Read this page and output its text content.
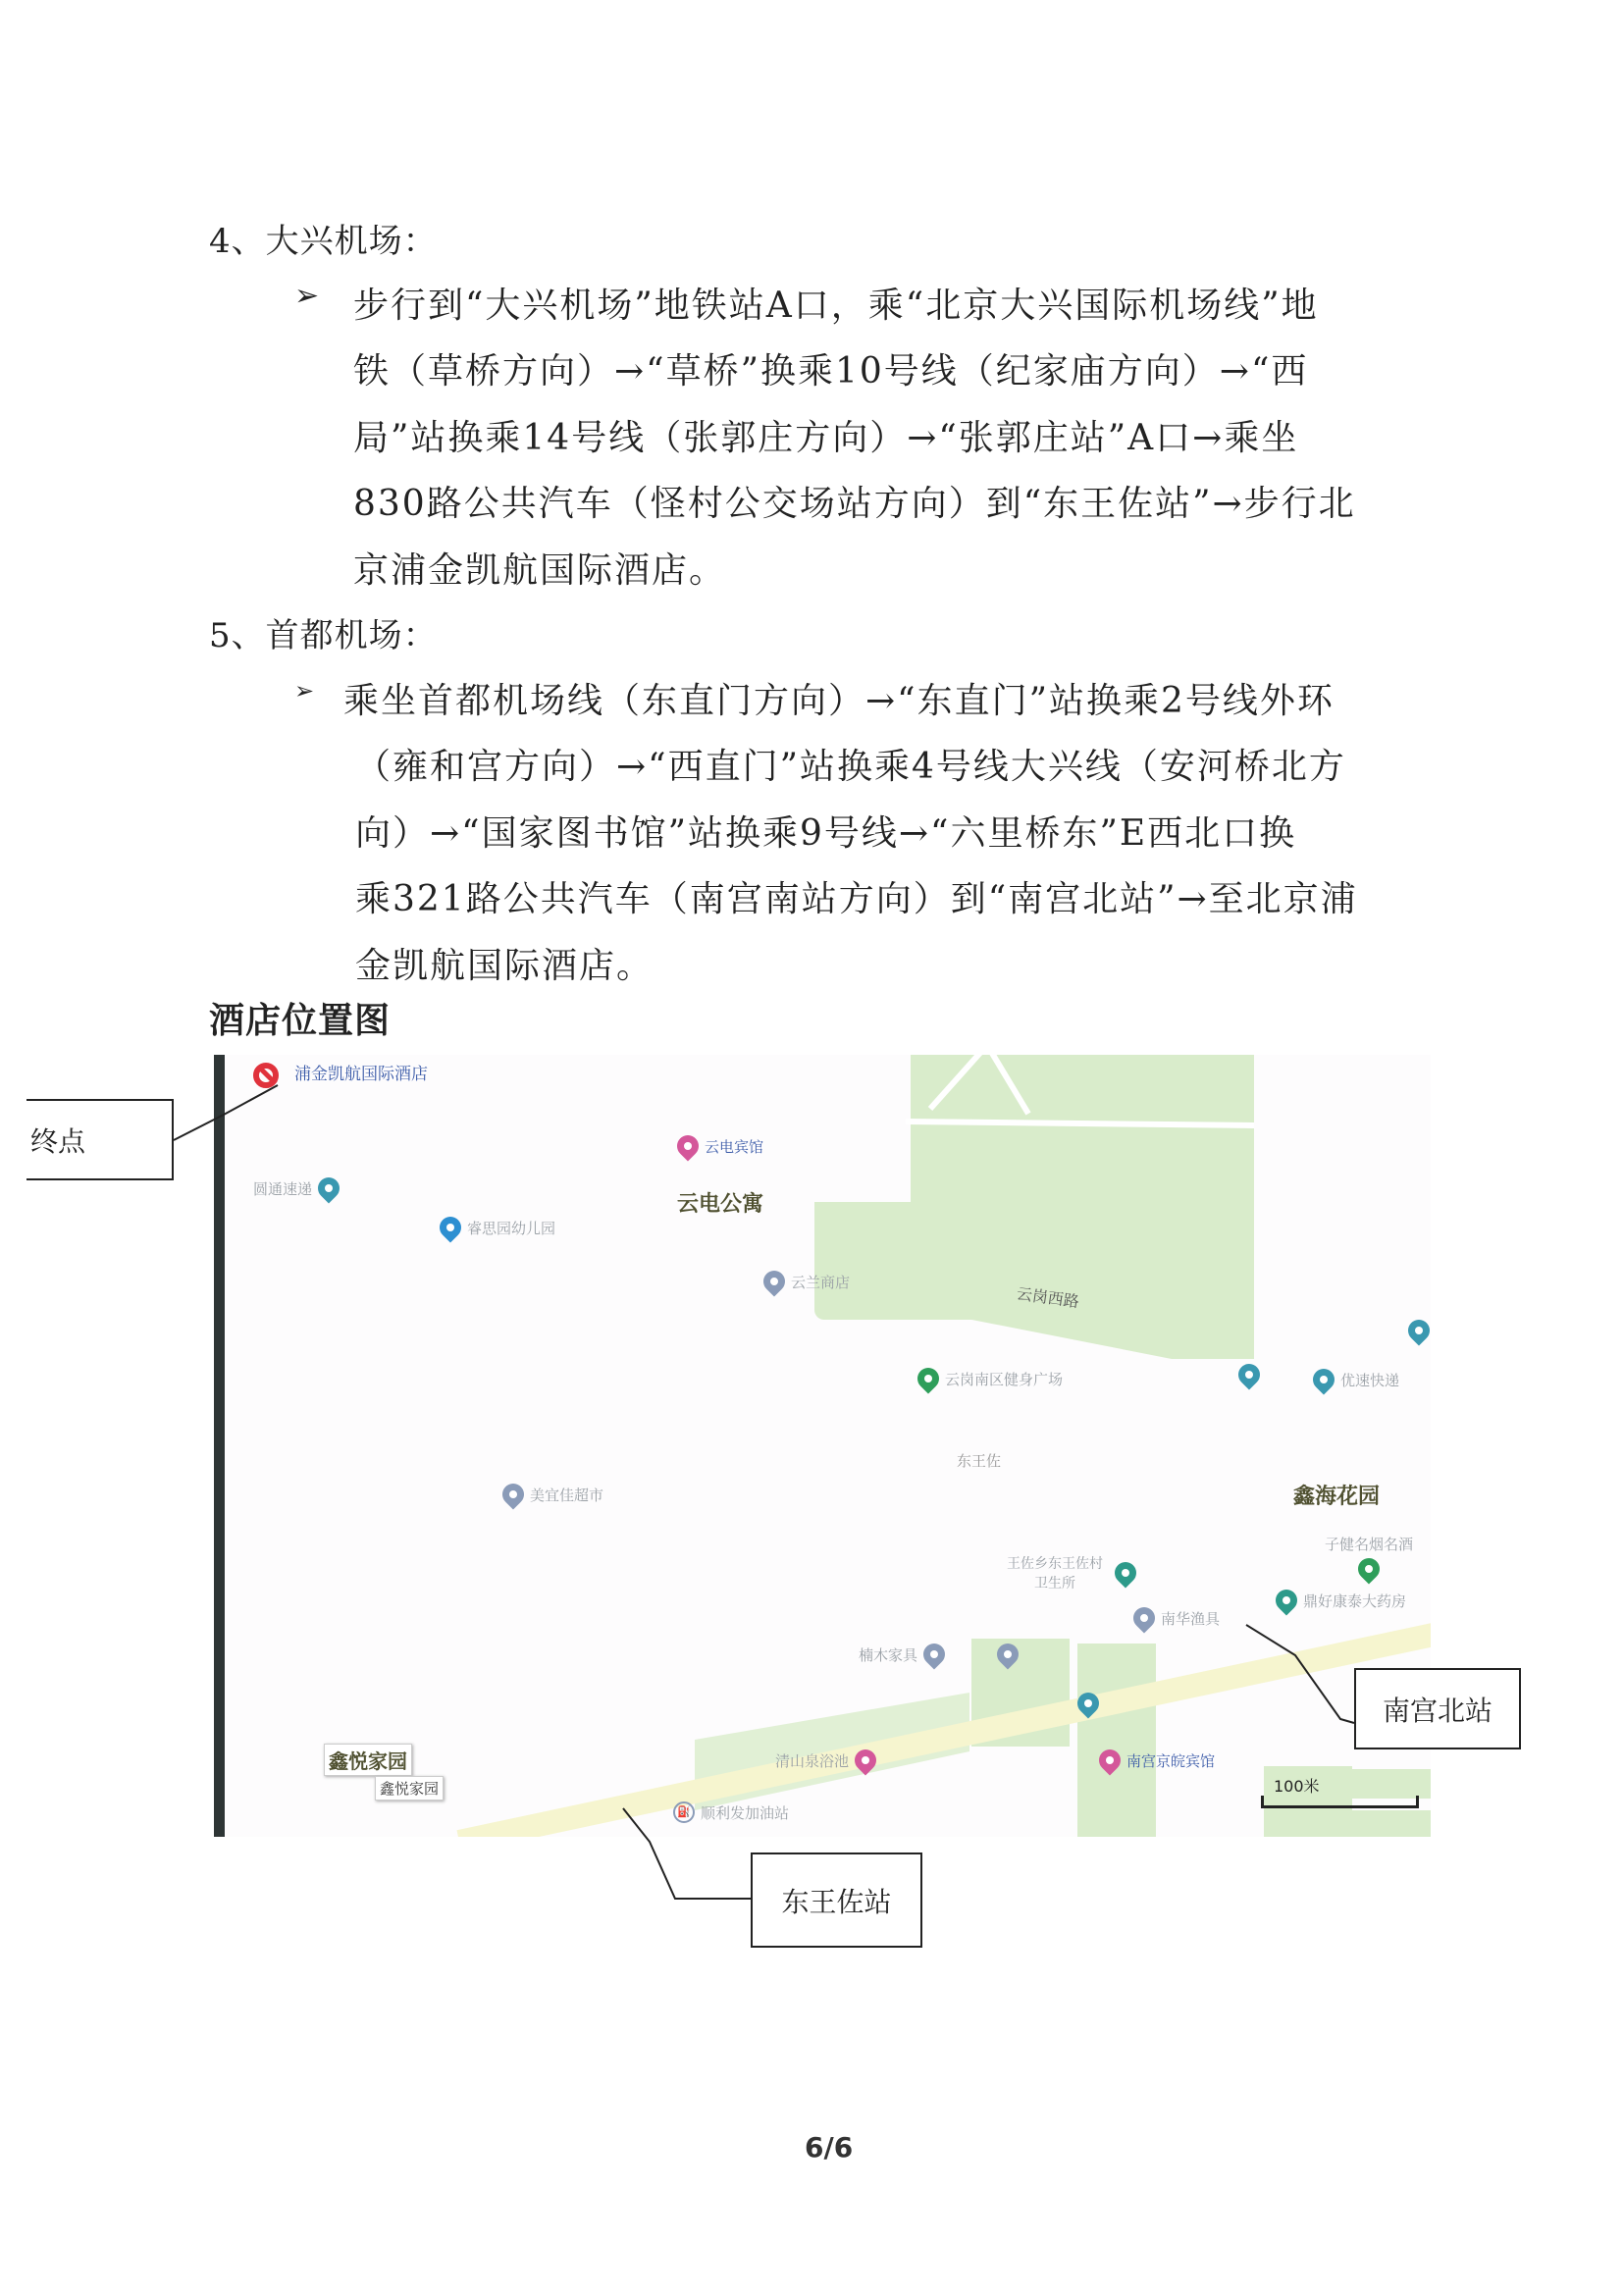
4、大兴机场：
➢ 步行到“大兴机场”地铁站A口，乘“北京大兴国际机场线”地
铁（草桥方向）→“草桥”换乘10号线（纪家庙方向）→“西
局”站换乘14号线（张郭庄方向）→“张郭庄站”A口→乘坐
830路公共汽车（怪村公交场站方向）到“东王佐站”→步行北
京浦金凯航国际酒店。
5、首都机场：
➢ 乘坐首都机场线（东直门方向）→“东直门”站换乘2号线外环
（雍和宫方向）→“西直门”站换乘4号线大兴线（安河桥北方
向）→“国家图书馆”站换乘9号线→“六里桥东”E西北口换
乘321路公共汽车（南宫南站方向）到“南宫北站”→至北京浦
金凯航国际酒店。
酒店位置图
浦金凯航国际酒店
云电宾馆
圆通速递
睿思园幼儿园
云兰商店
云岗南区健身广场	优速快递
美宜佳超市
王佐乡东王佐村卫生所
南华渔具
子健名烟名酒
鼎好康泰大药房
楠木家具
清山泉浴池	南宫京皖宾馆
⛽ 顺利发加油站
云电公寓
鑫海花园
鑫悦家园
鑫悦家园
东王佐
云岗西路
100米
终点
南宫北站
东王佐站
6/6
